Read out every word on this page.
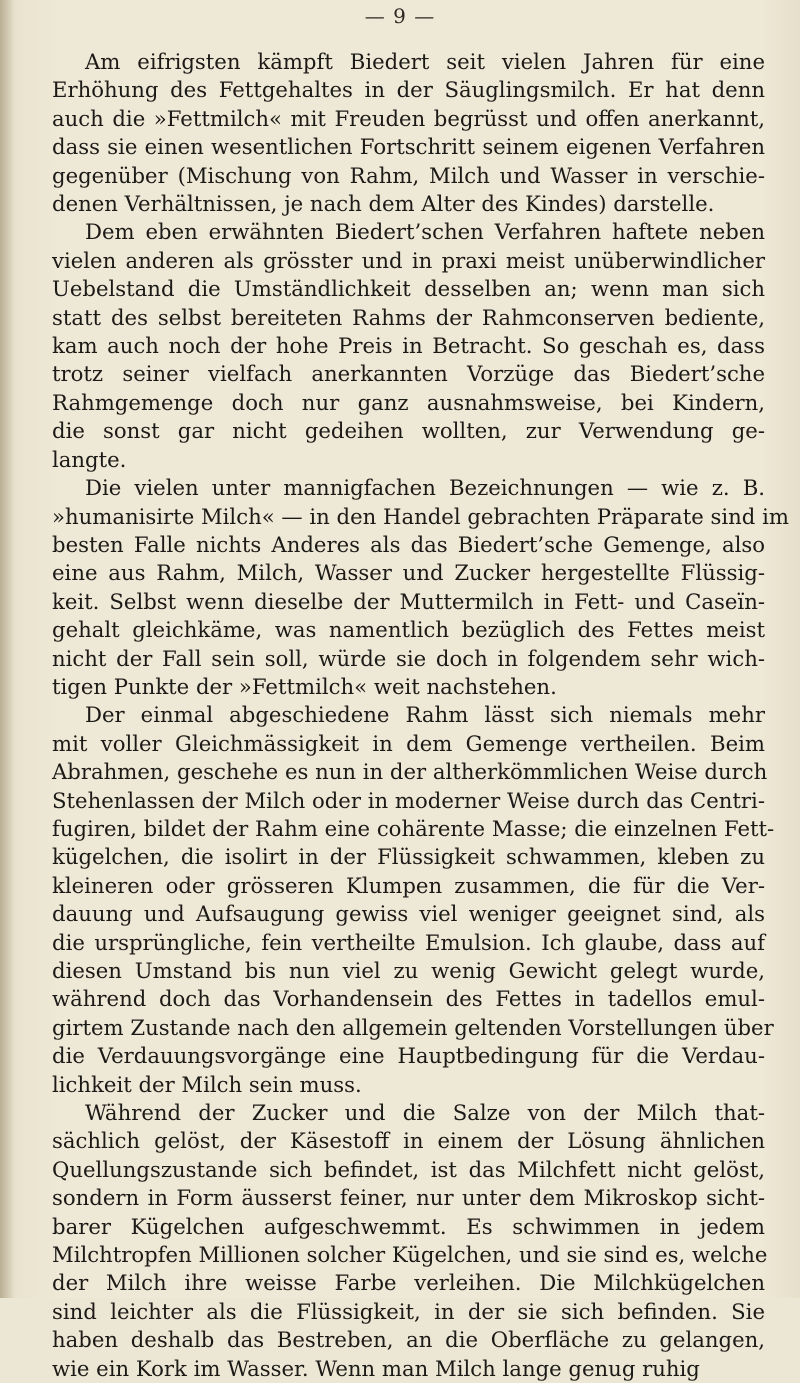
— 9 —

Am eifrigsten kämpft Biedert seit vielen Jahren für eine
Erhöhung des Fettgehaltes in der Säuglingsmilch. Er hat denn
auch die »Fettmilch« mit Freuden begrüsst und offen anerkannt,
dass sie einen wesentlichen Fortschritt seinem eigenen Verfahren
gegenüber (Mischung von Rahm, Milch und Wasser in verschie-
denen Verhältnissen, je nach dem Alter des Kindes) darstelle.

Dem eben erwähnten Biedert’schen Verfahren haftete neben
vielen anderen als grösster und in praxi meist unüberwindlicher
Uebelstand die Umständlichkeit desselben an; wenn man sich
statt des selbst bereiteten Rahms der Rahmconserven bediente,
kam auch noch der hohe Preis in Betracht. So geschah es, dass
trotz seiner vielfach anerkannten Vorzüge das Biedert’sche
Rahmgemenge doch nur ganz ausnahmsweise, bei Kindern,
die sonst gar nicht gedeihen wollten, zur Verwendung ge-
langte.

Die vielen unter mannigfachen Bezeichnungen — wie z. B.
»humanisirte Milch« — in den Handel gebrachten Präparate sind im
besten Falle nichts Anderes als das Biedert’sche Gemenge, also
eine aus Rahm, Milch, Wasser und Zucker hergestellte Flüssig-
keit. Selbst wenn dieselbe der Muttermilch in Fett- und Caseïn-
gehalt gleichkäme, was namentlich bezüglich des Fettes meist
nicht der Fall sein soll, würde sie doch in folgendem sehr wich-
tigen Punkte der »Fettmilch« weit nachstehen.

Der einmal abgeschiedene Rahm lässt sich niemals mehr
mit voller Gleichmässigkeit in dem Gemenge vertheilen. Beim
Abrahmen, geschehe es nun in der altherkömmlichen Weise durch
Stehenlassen der Milch oder in moderner Weise durch das Centri-
fugiren, bildet der Rahm eine cohärente Masse; die einzelnen Fett-
kügelchen, die isolirt in der Flüssigkeit schwammen, kleben zu
kleineren oder grösseren Klumpen zusammen, die für die Ver-
dauung und Aufsaugung gewiss viel weniger geeignet sind, als
die ursprüngliche, fein vertheilte Emulsion. Ich glaube, dass auf
diesen Umstand bis nun viel zu wenig Gewicht gelegt wurde,
während doch das Vorhandensein des Fettes in tadellos emul-
girtem Zustande nach den allgemein geltenden Vorstellungen über
die Verdauungsvorgänge eine Hauptbedingung für die Verdau-
lichkeit der Milch sein muss.

Während der Zucker und die Salze von der Milch that-
sächlich gelöst, der Käsestoff in einem der Lösung ähnlichen
Quellungszustande sich befindet, ist das Milchfett nicht gelöst,
sondern in Form äusserst feiner, nur unter dem Mikroskop sicht-
barer Kügelchen aufgeschwemmt. Es schwimmen in jedem
Milchtropfen Millionen solcher Kügelchen, und sie sind es, welche
der Milch ihre weisse Farbe verleihen. Die Milchkügelchen
sind leichter als die Flüssigkeit, in der sie sich befinden. Sie
haben deshalb das Bestreben, an die Oberfläche zu gelangen,
wie ein Kork im Wasser. Wenn man Milch lange genug ruhig
